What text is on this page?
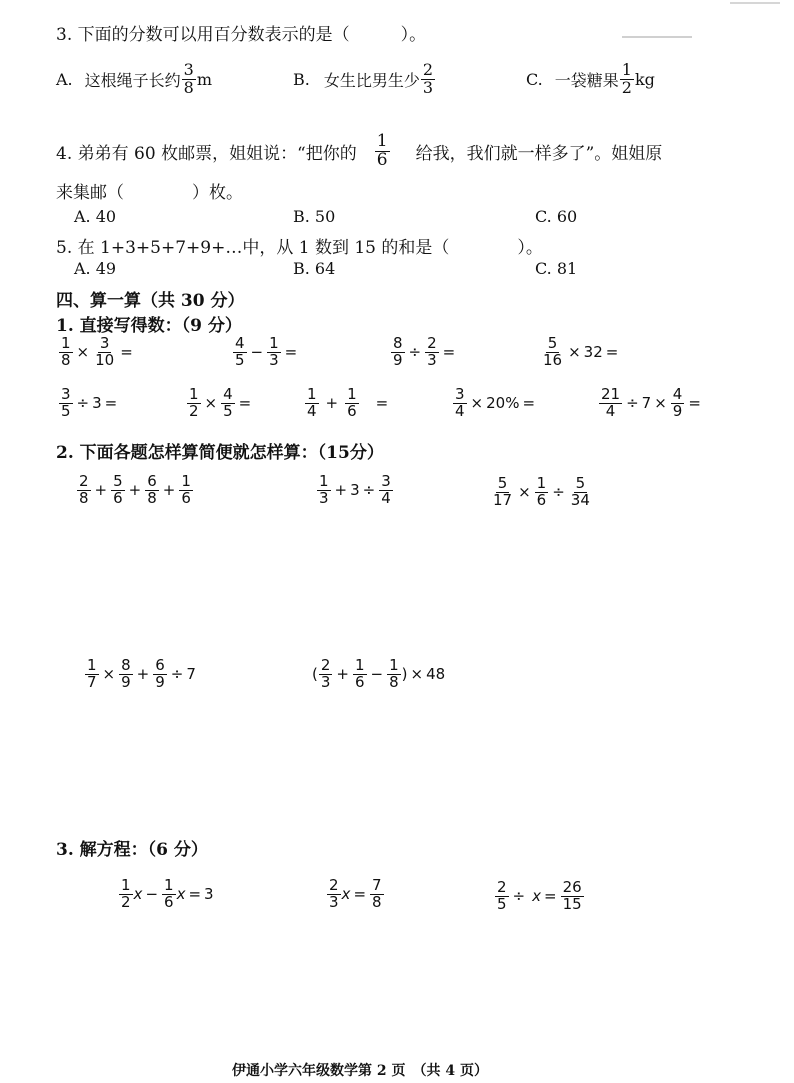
3. 下面的分数可以用百分数表示的是（　　　）。
A. 这根绳子长约 $\frac{3}{8}$ m	B. 女生比男生少 $\frac{2}{3}$	C. 一袋糖果 $\frac{1}{2}$ kg
4. 弟弟有 60 枚邮票，姐姐说：“把你的 $\frac{1}{6}$ 给我，我们就一样多了”。姐姐原
来集邮（　　　　）枚。
A. 40	B. 50	C. 60
5. 在 1+3+5+7+9+…中，从 1 数到 15 的和是（　　　　）。
A. 49	B. 64	C. 81
四、算一算（共 30 分）
1. 直接写得数：（9 分）
$\frac{1}{8} \times \frac{3}{10}$ =	$\frac{4}{5} - \frac{1}{3}$ =	$\frac{8}{9} \div \frac{2}{3}$ =	$\frac{5}{16} \times 32$ =
$\frac{3}{5} \div 3$ =	$\frac{1}{2} \times \frac{4}{5}$ =	$\frac{1}{4} + \frac{1}{6}$ =	$\frac{3}{4} \times 20\%$ =	$\frac{21}{4} \div 7 \times \frac{4}{9}$ =
2. 下面各题怎样算简便就怎样算：（15分）
$\frac{2}{8} + \frac{5}{6} + \frac{6}{8} + \frac{1}{6}$	$\frac{1}{3} + 3 \div \frac{3}{4}$	$\frac{5}{17} \times \frac{1}{6} \div \frac{5}{34}$
$\frac{1}{7} \times \frac{8}{9} + \frac{6}{9} \div 7$	( $\frac{2}{3} + \frac{1}{6} - \frac{1}{8}$ ) × 48
3. 解方程：（6 分）
$\frac{1}{2}$ $x - \frac{1}{6}$ x = 3	$\frac{2}{3}$ $x = \frac{7}{8}$	$\frac{2}{5} \div x = \frac{26}{15}$
伊通小学六年级数学第 2 页　（共 4 页）
